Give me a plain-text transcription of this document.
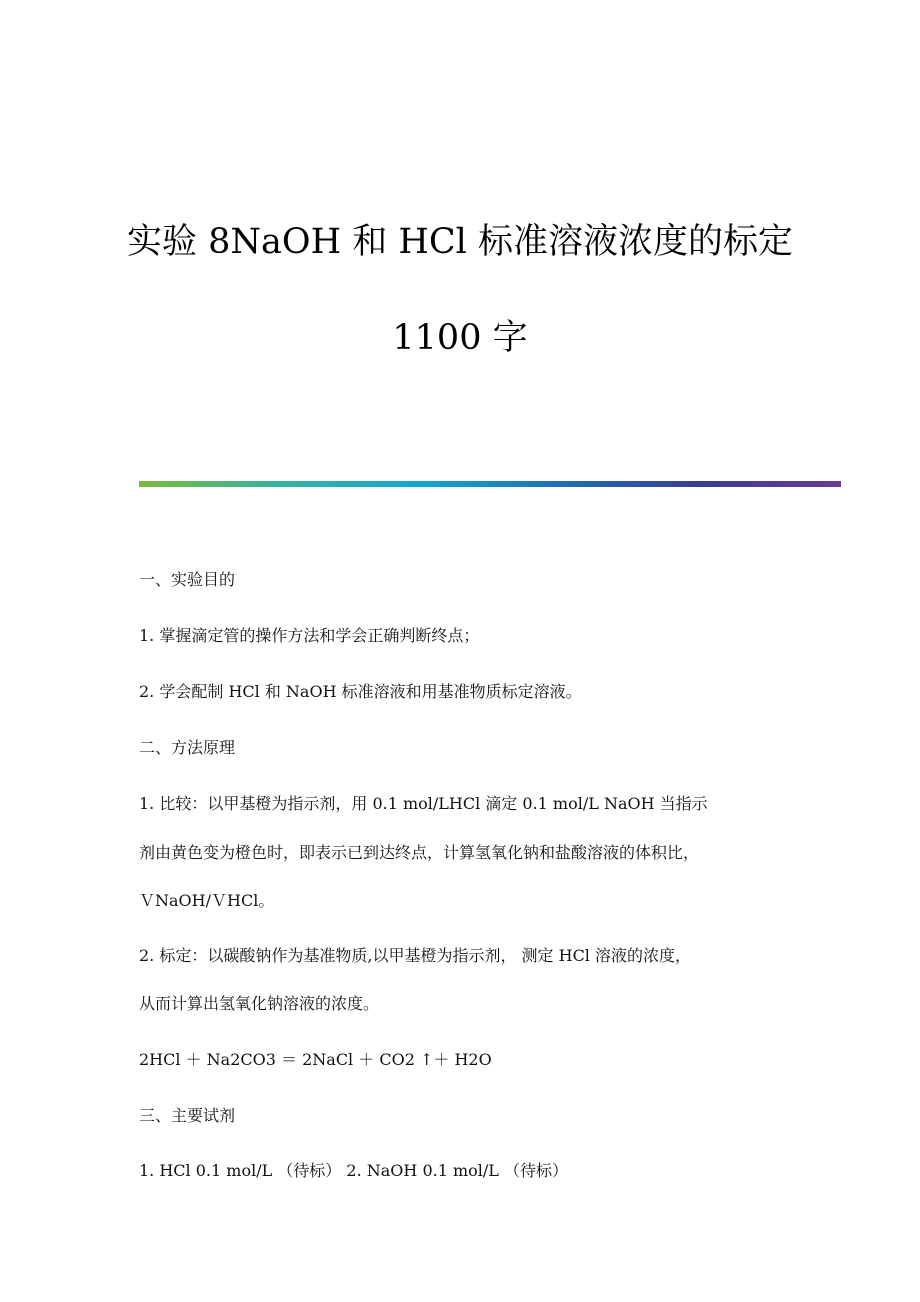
实验 8NaOH 和 HCl 标准溶液浓度的标定
1100 字
一、实验目的
1. 掌握滴定管的操作方法和学会正确判断终点；
2. 学会配制 HCl 和 NaOH 标准溶液和用基准物质标定溶液。
二、方法原理
1. 比较：以甲基橙为指示剂，用 0.1 mol/LHCl 滴定 0.1 mol/L NaOH 当指示
剂由黄色变为橙色时，即表示已到达终点，计算氢氧化钠和盐酸溶液的体积比，
ＶNaOH/ＶHCl。
2. 标定：以碳酸钠作为基准物质,以甲基橙为指示剂， 测定 HCl 溶液的浓度，
从而计算出氢氧化钠溶液的浓度。
2HCl ＋ Na2CO3 ＝ 2NaCl ＋ CO2 ↑＋ H2O
三、主要试剂
1. HCl 0.1 mol/L （待标） 2. NaOH 0.1 mol/L （待标）
